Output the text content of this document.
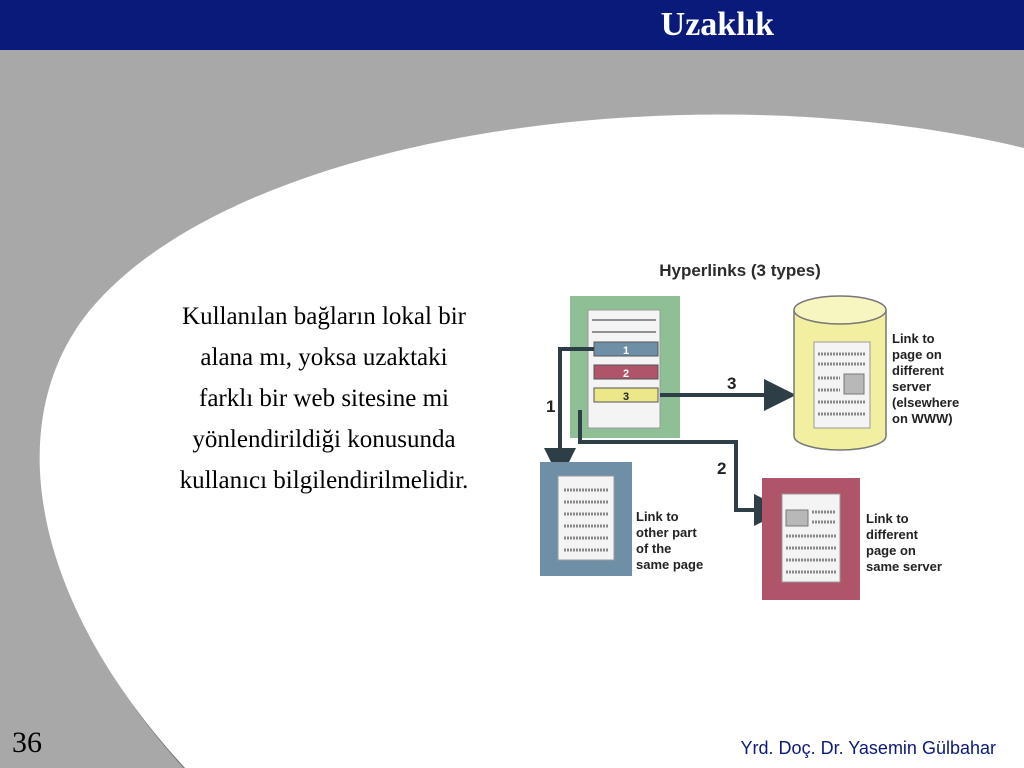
Uzaklık
Kullanılan bağların lokal bir alana mı, yoksa uzaktaki farklı bir web sitesine mi yönlendirildiği konusunda kullanıcı bilgilendirilmelidir.
Hyperlinks (3 types)
1
2
3
1
2
3
Link to other part of the same page
Link to different page on same server
Link to page on different server (elsewhere on WWW)
36	Yrd. Doç. Dr. Yasemin Gülbahar
